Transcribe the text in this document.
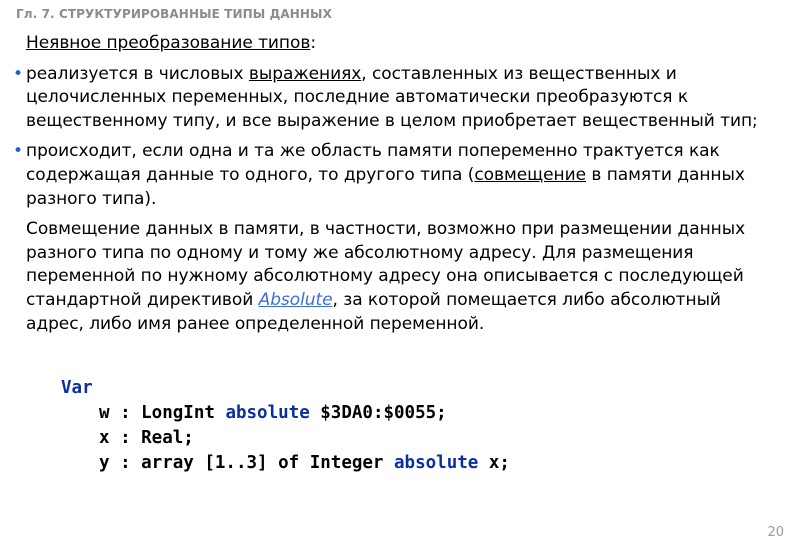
Гл. 7. СТРУКТУРИРОВАННЫЕ ТИПЫ ДАННЫХ

Неявное преобразование типов:

• реализуется в числовых выражениях, составленных из вещественных и целочисленных переменных, последние автоматически преобразуются к вещественному типу, и все выражение в целом приобретает вещественный тип;
• происходит, если одна и та же область памяти попеременно трактуется как содержащая данные то одного, то другого типа (совмещение в памяти данных разного типа).

Совмещение данных в памяти, в частности, возможно при размещении данных разного типа по одному и тому же абсолютному адресу. Для размещения переменной по нужному абсолютному адресу она описывается с последующей стандартной директивой Absolute, за которой помещается либо абсолютный адрес, либо имя ранее определенной переменной.

Var
w : LongInt absolute $3DA0:$0055;
x : Real;
y : array [1..3] of Integer absolute x;
20
